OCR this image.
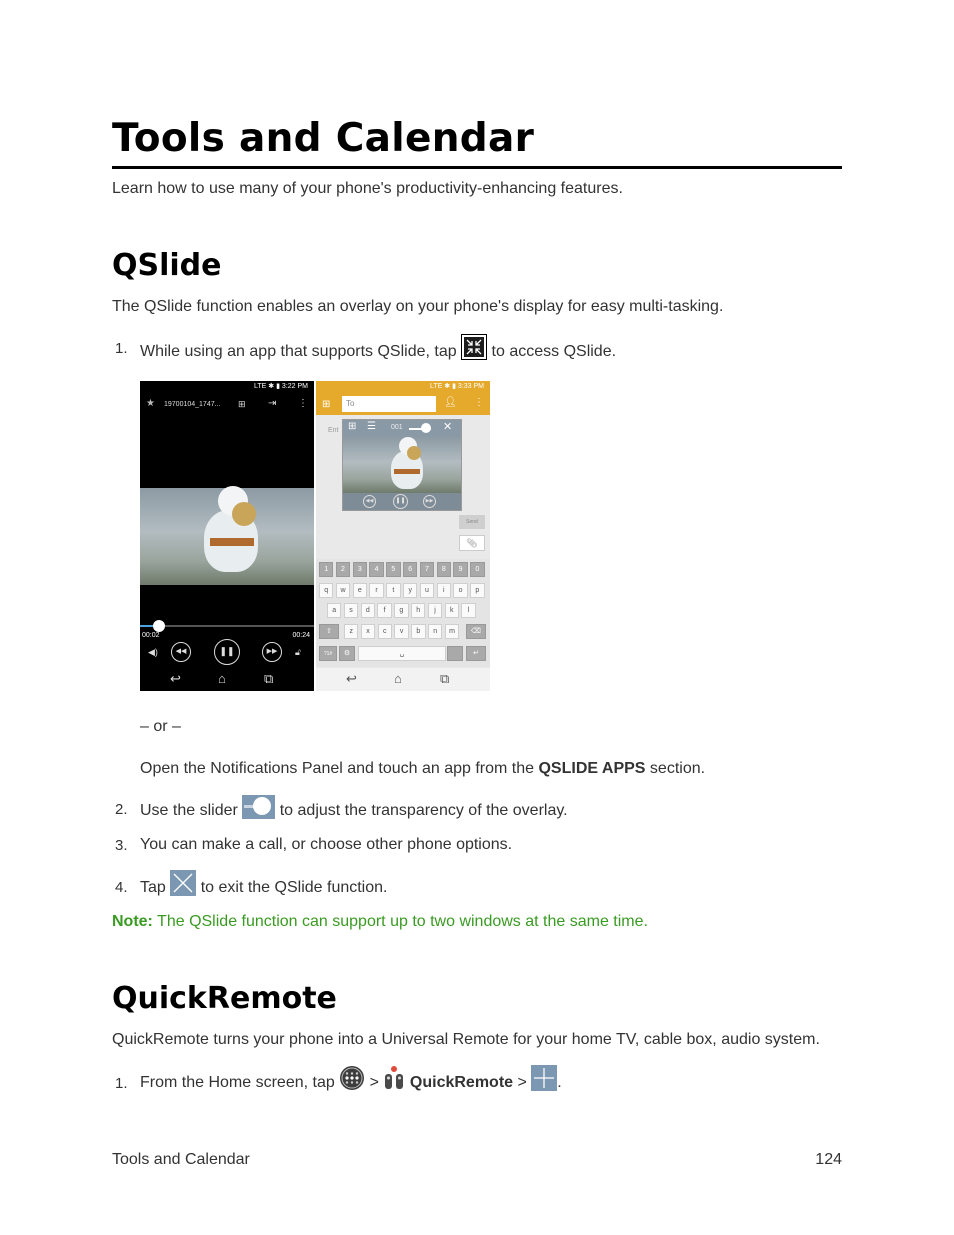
Tools and Calendar
Learn how to use many of your phone's productivity-enhancing features.
QSlide
The QSlide function enables an overlay on your phone's display for easy multi-tasking.
1. While using an app that supports QSlide, tap to access QSlide.
LTE ✱ ▮ 3:22 PM
★ 19700104_1747... ⊞ ⇥ ⋮
00:02	00:24
◀)	◀◀	❚❚	▶▶	🔓︎
↩	⌂	⧉
LTE ✱ ▮ 3:33 PM
⊞	To	👤︎ ⋮
Ent ⊞ ☰ 001	✕
◀◀	❚❚	▶▶
Send
📎︎
1	2	3	4	5	6	7	8	9	0
q	w	e	r	t	y	u	i	o	p
a	s	d	f	g	h	j	k	l
z	x	c	v	b	n	m
⇧	⌫
?1#	⚙	␣	↵
↩	⌂	⧉
– or –
Open the Notifications Panel and touch an app from the QSLIDE APPS section.
2. Use the slider	to adjust the transparency of the overlay.
3. You can make a call, or choose other phone options.
4. Tap to exit the QSlide function.
Note: The QSlide function can support up to two windows at the same time.
QuickRemote
QuickRemote turns your phone into a Universal Remote for your home TV, cable box, audio system.
1. From the Home screen, tap > QuickRemote > .
Tools and Calendar	124
